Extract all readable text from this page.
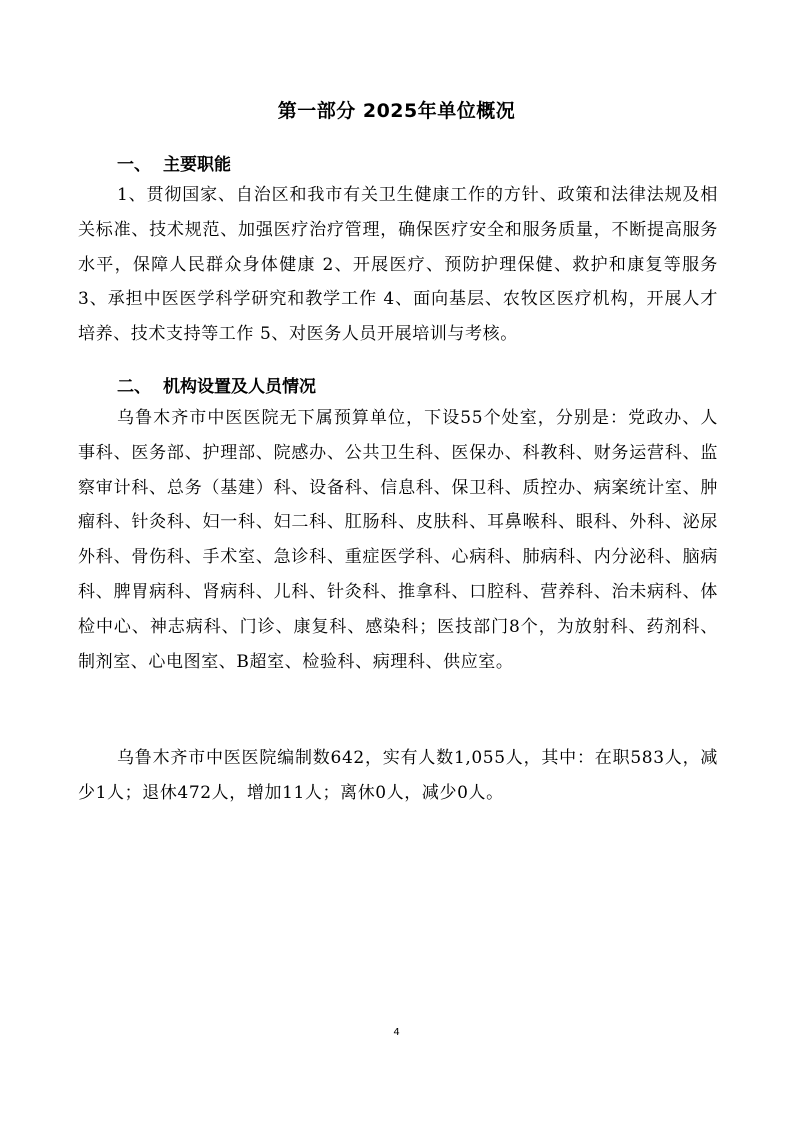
第一部分 2025年单位概况
一、 主要职能

1、贯彻国家、自治区和我市有关卫生健康工作的方针、政策和法律法规及相关标准、技术规范、加强医疗治疗管理，确保医疗安全和服务质量，不断提高服务水平，保障人民群众身体健康 2、开展医疗、预防护理保健、救护和康复等服务 3、承担中医医学科学研究和教学工作 4、面向基层、农牧区医疗机构，开展人才培养、技术支持等工作 5、对医务人员开展培训与考核。

二、 机构设置及人员情况

乌鲁木齐市中医医院无下属预算单位，下设55个处室，分别是：党政办、人事科、医务部、护理部、院感办、公共卫生科、医保办、科教科、财务运营科、监察审计科、总务（基建）科、设备科、信息科、保卫科、质控办、病案统计室、肿瘤科、针灸科、妇一科、妇二科、肛肠科、皮肤科、耳鼻喉科、眼科、外科、泌尿外科、骨伤科、手术室、急诊科、重症医学科、心病科、肺病科、内分泌科、脑病科、脾胃病科、肾病科、儿科、针灸科、推拿科、口腔科、营养科、治未病科、体检中心、神志病科、门诊、康复科、感染科；医技部门8个，为放射科、药剂科、制剂室、心电图室、B超室、检验科、病理科、供应室。

乌鲁木齐市中医医院编制数642，实有人数1,055人，其中：在职583人，减少1人；退休472人，增加11人；离休0人，减少0人。

4
